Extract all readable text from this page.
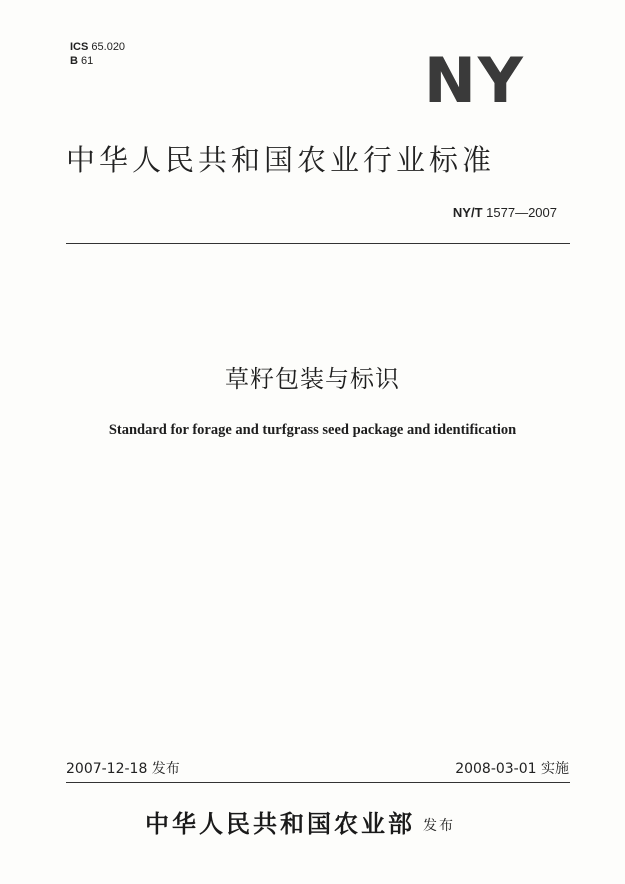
ICS 65.020
B 61	NY
中华人民共和国农业行业标准
NY/T 1577—2007
草籽包装与标识
Standard for forage and turfgrass seed package and identification
2007-12-18 发布	2008-03-01 实施
中华人民共和国农业部 发布
